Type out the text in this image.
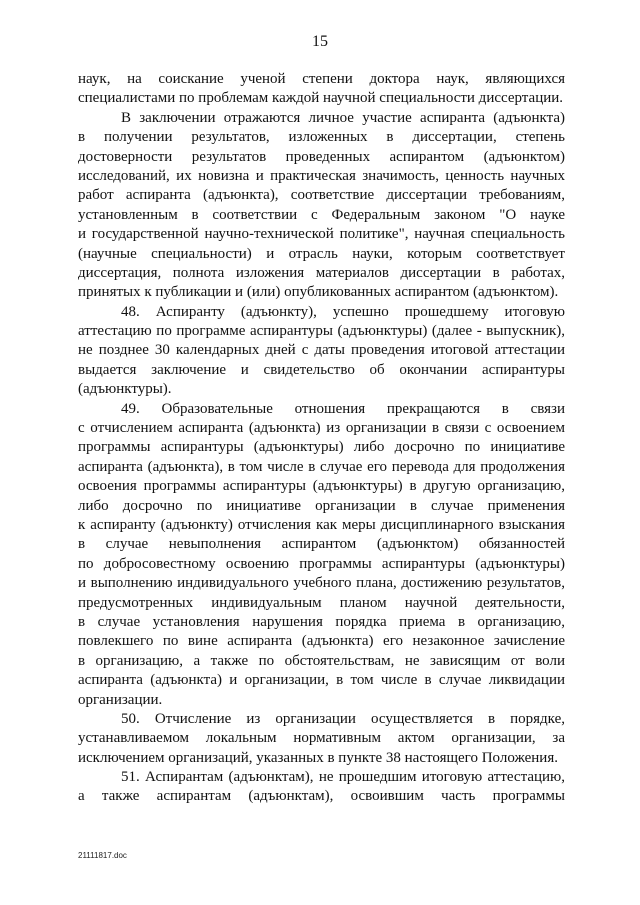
15
наук, на соискание ученой степени доктора наук, являющихся
специалистами по проблемам каждой научной специальности диссертации.
В заключении отражаются личное участие аспиранта (адъюнкта)
в получении результатов, изложенных в диссертации, степень
достоверности результатов проведенных аспирантом (адъюнктом)
исследований, их новизна и практическая значимость, ценность научных
работ аспиранта (адъюнкта), соответствие диссертации требованиям,
установленным в соответствии с Федеральным законом "О науке
и государственной научно-технической политике", научная специальность
(научные специальности) и отрасль науки, которым соответствует
диссертация, полнота изложения материалов диссертации в работах,
принятых к публикации и (или) опубликованных аспирантом (адъюнктом).
48. Аспиранту (адъюнкту), успешно прошедшему итоговую
аттестацию по программе аспирантуры (адъюнктуры) (далее - выпускник),
не позднее 30 календарных дней с даты проведения итоговой аттестации
выдается заключение и свидетельство об окончании аспирантуры
(адъюнктуры).
49. Образовательные отношения прекращаются в связи
с отчислением аспиранта (адъюнкта) из организации в связи с освоением
программы аспирантуры (адъюнктуры) либо досрочно по инициативе
аспиранта (адъюнкта), в том числе в случае его перевода для продолжения
освоения программы аспирантуры (адъюнктуры) в другую организацию,
либо досрочно по инициативе организации в случае применения
к аспиранту (адъюнкту) отчисления как меры дисциплинарного взыскания
в случае невыполнения аспирантом (адъюнктом) обязанностей
по добросовестному освоению программы аспирантуры (адъюнктуры)
и выполнению индивидуального учебного плана, достижению результатов,
предусмотренных индивидуальным планом научной деятельности,
в случае установления нарушения порядка приема в организацию,
повлекшего по вине аспиранта (адъюнкта) его незаконное зачисление
в организацию, а также по обстоятельствам, не зависящим от воли
аспиранта (адъюнкта) и организации, в том числе в случае ликвидации
организации.
50. Отчисление из организации осуществляется в порядке,
устанавливаемом локальным нормативным актом организации, за
исключением организаций, указанных в пункте 38 настоящего Положения.
51. Аспирантам (адъюнктам), не прошедшим итоговую аттестацию,
а также аспирантам (адъюнктам), освоившим часть программы
21111817.doc
